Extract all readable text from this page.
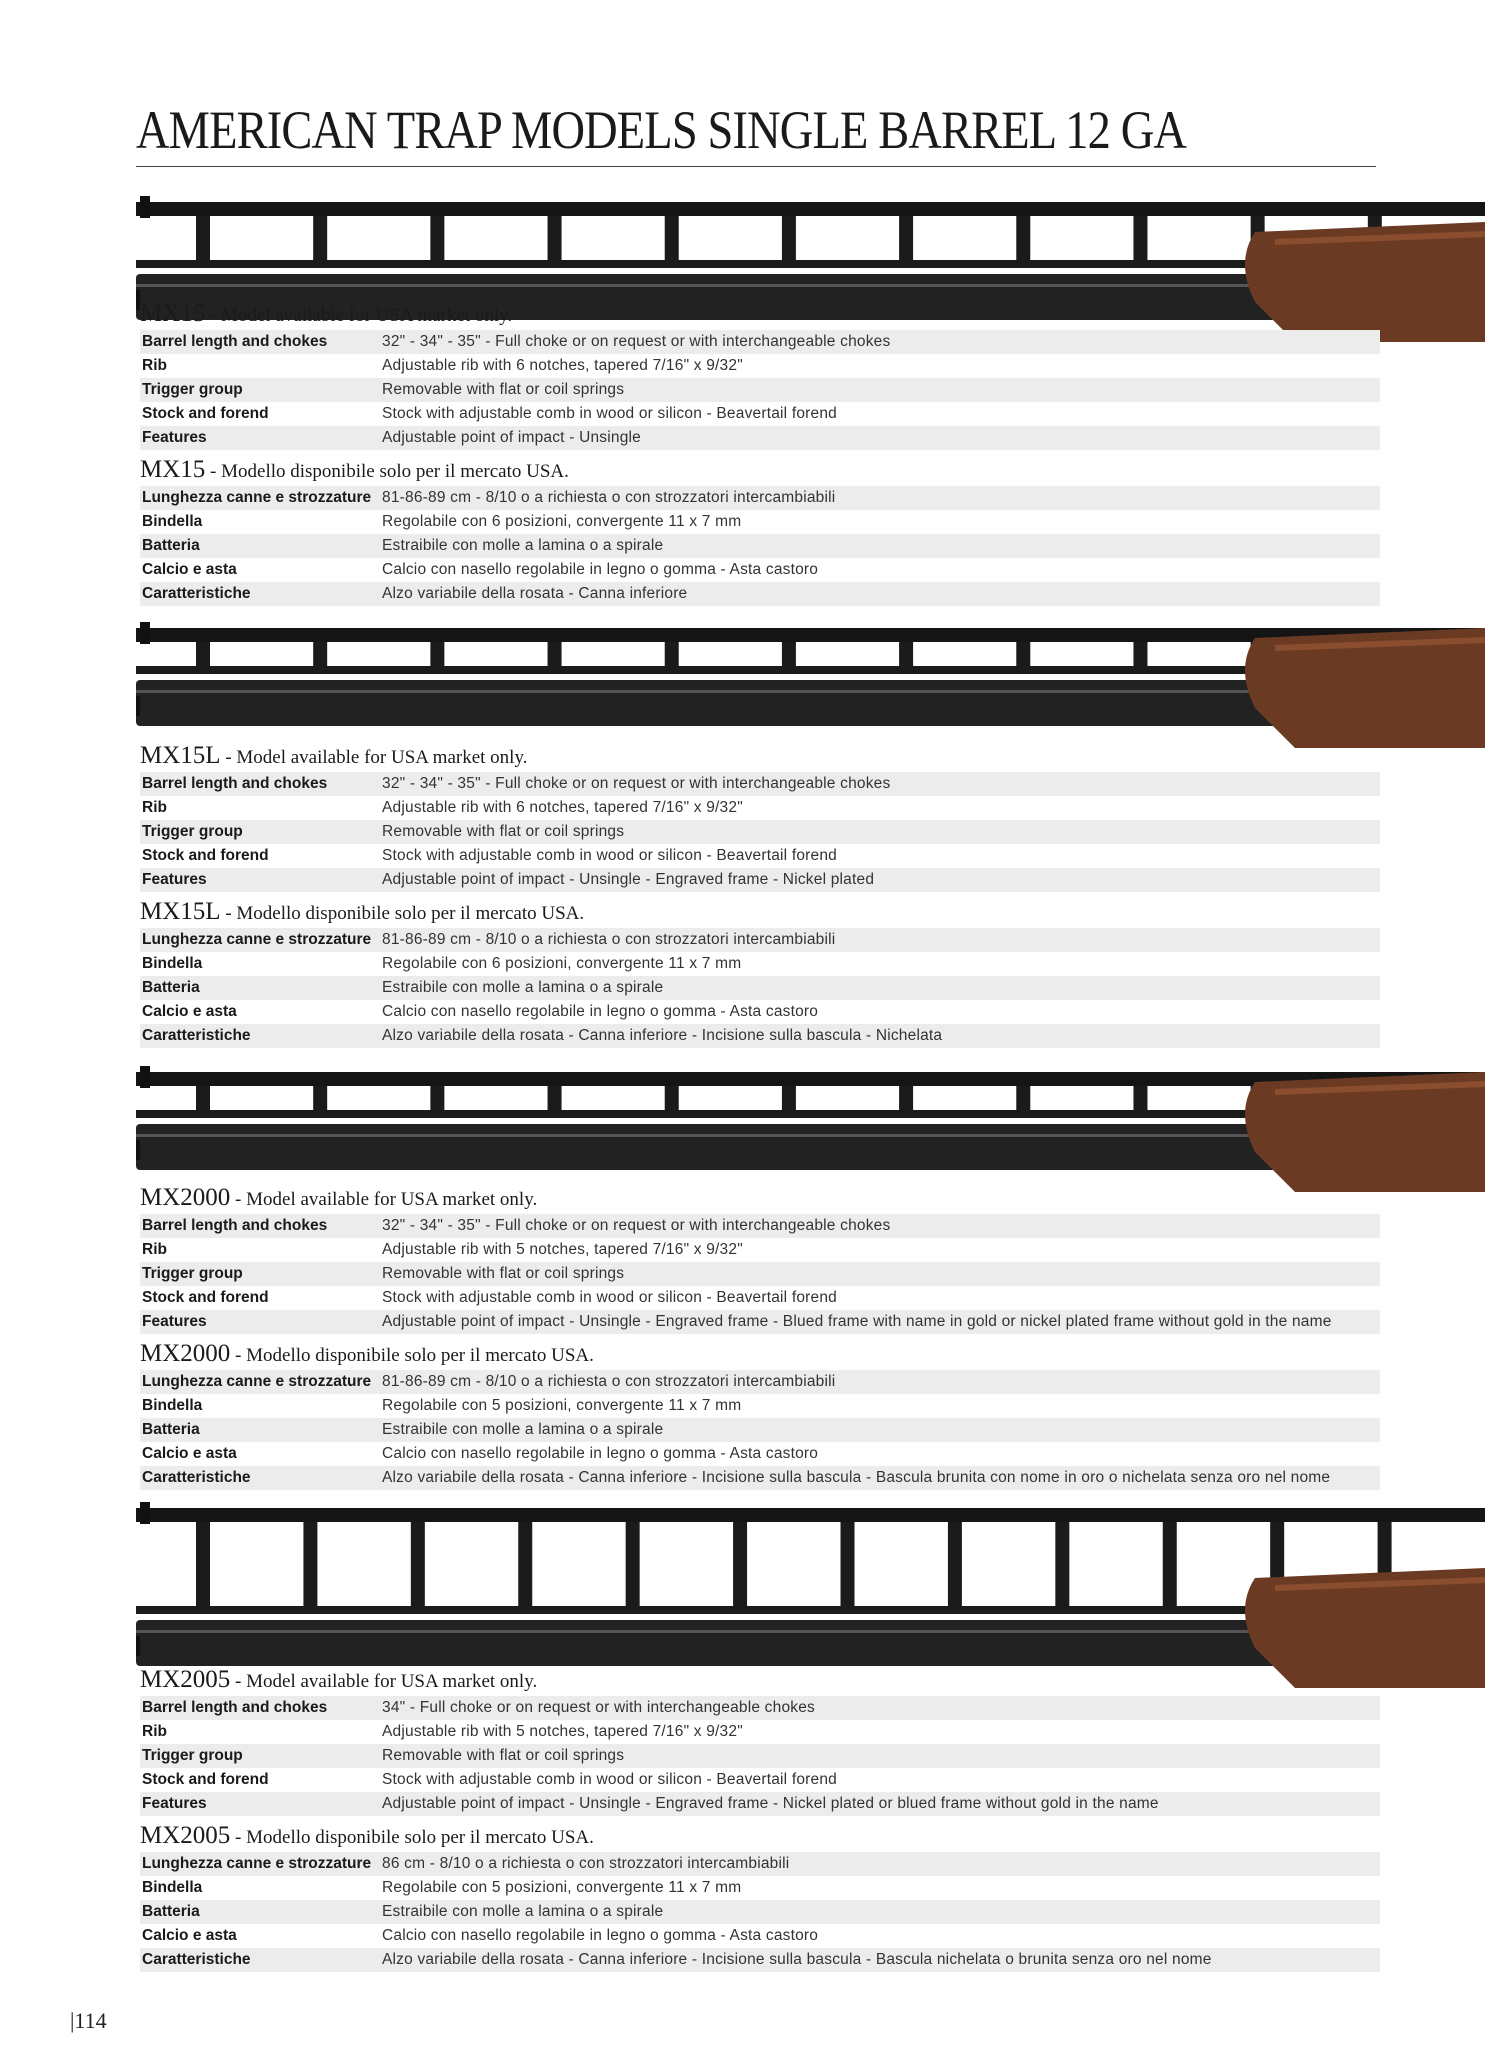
AMERICAN TRAP MODELS SINGLE BARREL 12 GA
MX15 - Model available for USA market only.
Barrel length and chokes	32" - 34" - 35" - Full choke or on request or with interchangeable chokes
Rib	Adjustable rib with 6 notches, tapered 7/16" x 9/32"
Trigger group	Removable with flat or coil springs
Stock and forend	Stock with adjustable comb in wood or silicon - Beavertail forend
Features	Adjustable point of impact - Unsingle
MX15 - Modello disponibile solo per il mercato USA.
Lunghezza canne e strozzature 81-86-89 cm - 8/10 o a richiesta o con strozzatori intercambiabili
Bindella	Regolabile con 6 posizioni, convergente 11 x 7 mm
Batteria	Estraibile con molle a lamina o a spirale
Calcio e asta	Calcio con nasello regolabile in legno o gomma - Asta castoro
Caratteristiche	Alzo variabile della rosata - Canna inferiore
MX15L - Model available for USA market only.
Barrel length and chokes	32" - 34" - 35" - Full choke or on request or with interchangeable chokes
Rib	Adjustable rib with 6 notches, tapered 7/16" x 9/32"
Trigger group	Removable with flat or coil springs
Stock and forend	Stock with adjustable comb in wood or silicon - Beavertail forend
Features	Adjustable point of impact - Unsingle - Engraved frame - Nickel plated
MX15L - Modello disponibile solo per il mercato USA.
Lunghezza canne e strozzature 81-86-89 cm - 8/10 o a richiesta o con strozzatori intercambiabili
Bindella	Regolabile con 6 posizioni, convergente 11 x 7 mm
Batteria	Estraibile con molle a lamina o a spirale
Calcio e asta	Calcio con nasello regolabile in legno o gomma - Asta castoro
Caratteristiche	Alzo variabile della rosata - Canna inferiore - Incisione sulla bascula - Nichelata
MX2000 - Model available for USA market only.
Barrel length and chokes	32" - 34" - 35" - Full choke or on request or with interchangeable chokes
Rib	Adjustable rib with 5 notches, tapered 7/16" x 9/32"
Trigger group	Removable with flat or coil springs
Stock and forend	Stock with adjustable comb in wood or silicon - Beavertail forend
Features	Adjustable point of impact - Unsingle - Engraved frame - Blued frame with name in gold or nickel plated frame without gold in the name
MX2000 - Modello disponibile solo per il mercato USA.
Lunghezza canne e strozzature 81-86-89 cm - 8/10 o a richiesta o con strozzatori intercambiabili
Bindella	Regolabile con 5 posizioni, convergente 11 x 7 mm
Batteria	Estraibile con molle a lamina o a spirale
Calcio e asta	Calcio con nasello regolabile in legno o gomma - Asta castoro
Caratteristiche	Alzo variabile della rosata - Canna inferiore - Incisione sulla bascula - Bascula brunita con nome in oro o nichelata senza oro nel nome
MX2005 - Model available for USA market only.
Barrel length and chokes	34" - Full choke or on request or with interchangeable chokes
Rib	Adjustable rib with 5 notches, tapered 7/16" x 9/32"
Trigger group	Removable with flat or coil springs
Stock and forend	Stock with adjustable comb in wood or silicon - Beavertail forend
Features	Adjustable point of impact - Unsingle - Engraved frame - Nickel plated or blued frame without gold in the name
MX2005 - Modello disponibile solo per il mercato USA.
Lunghezza canne e strozzature 86 cm - 8/10 o a richiesta o con strozzatori intercambiabili
Bindella	Regolabile con 5 posizioni, convergente 11 x 7 mm
Batteria	Estraibile con molle a lamina o a spirale
Calcio e asta	Calcio con nasello regolabile in legno o gomma - Asta castoro
Caratteristiche	Alzo variabile della rosata - Canna inferiore - Incisione sulla bascula - Bascula nichelata o brunita senza oro nel nome
|114
